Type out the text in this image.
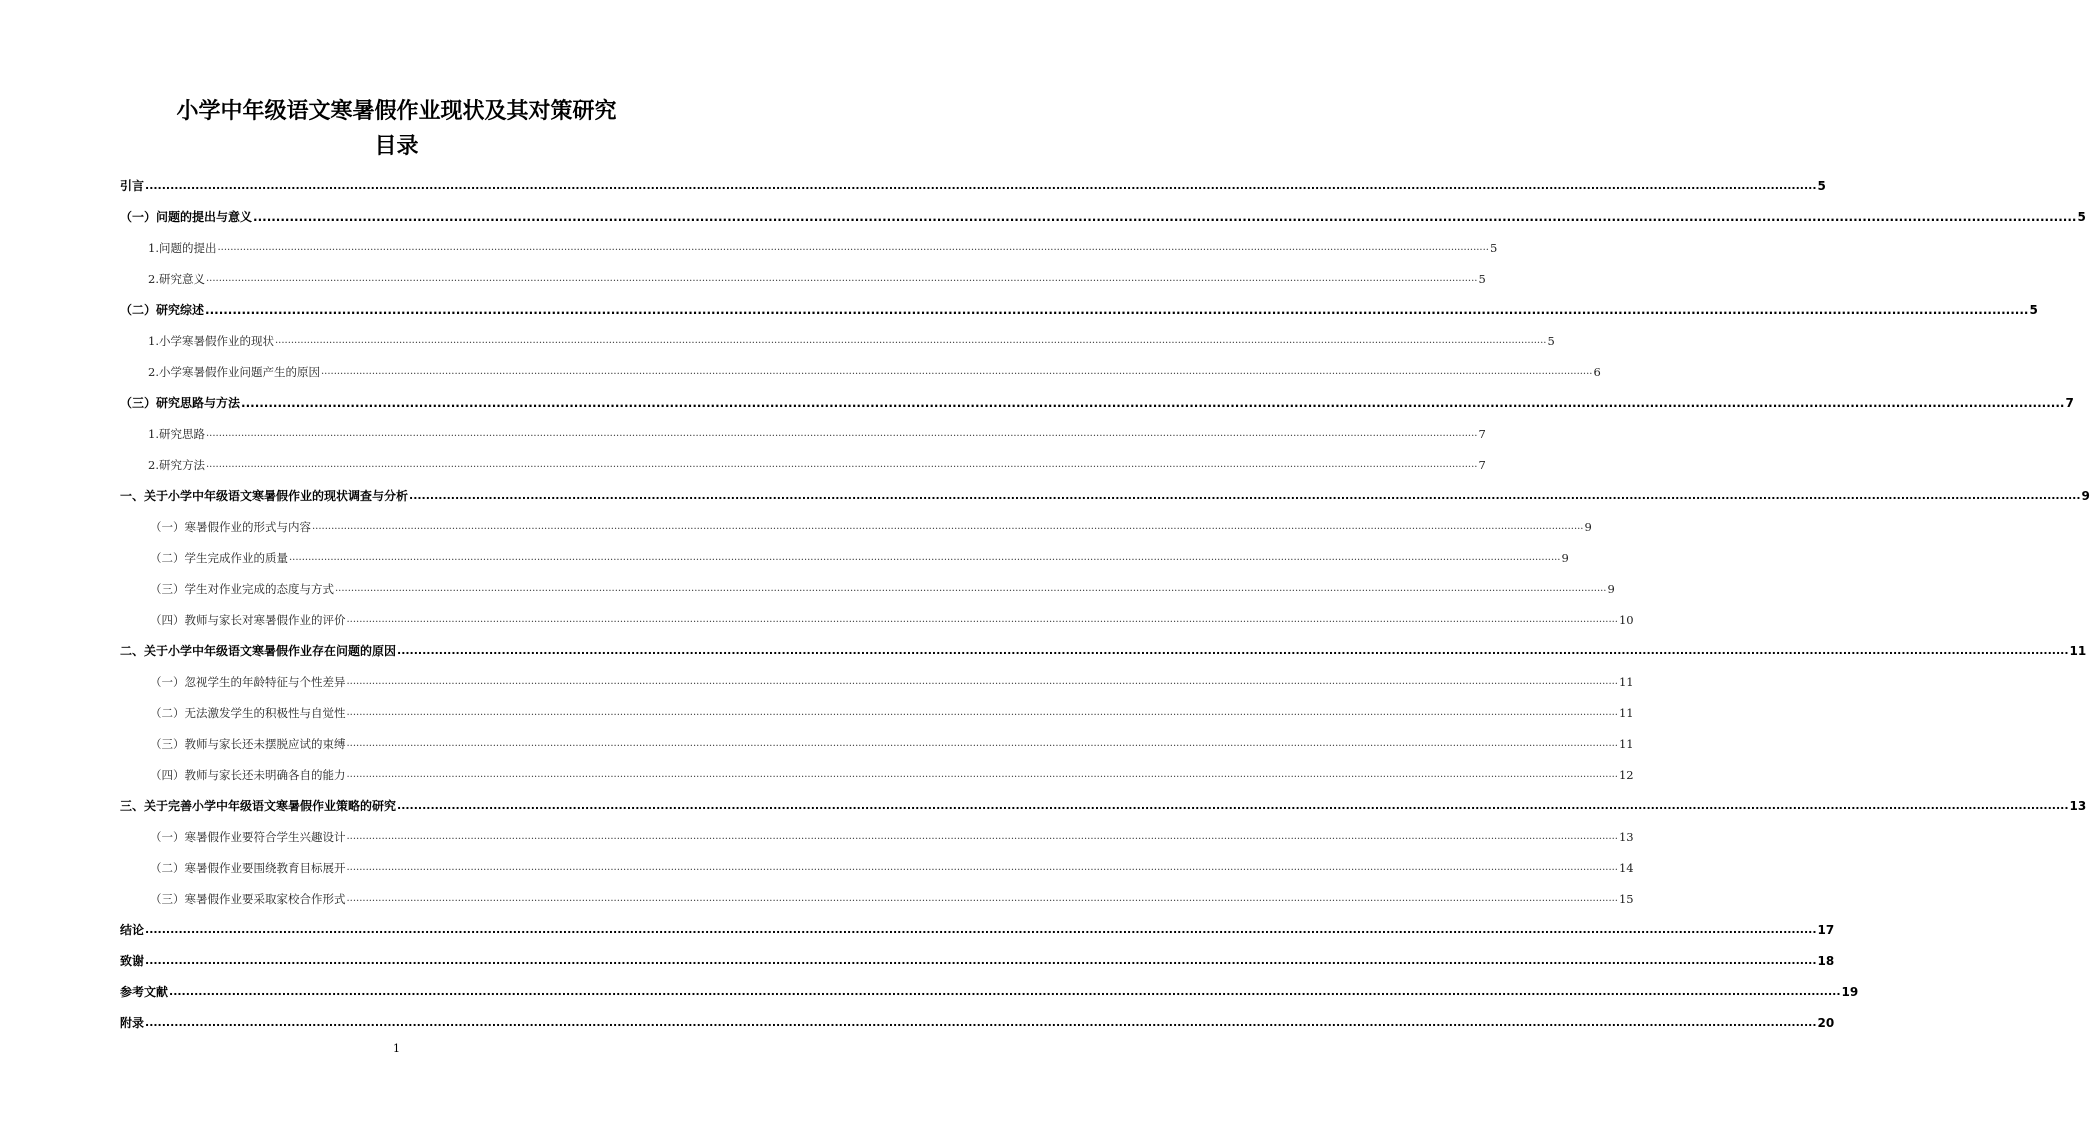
小学中年级语文寒暑假作业现状及其对策研究
目录
引言 ................................................................................................................................................................................................................................................................................................................................................................................................................ 5
（一）问题的提出与意义 ................................................................................................................................................................................................................................................................................................................................................................................................................ 5
1.问题的提出 ................................................................................................................................................................................................................................................................................................................................................................................................................ 5
2.研究意义 ................................................................................................................................................................................................................................................................................................................................................................................................................ 5
（二）研究综述 ................................................................................................................................................................................................................................................................................................................................................................................................................ 5
1.小学寒暑假作业的现状 ................................................................................................................................................................................................................................................................................................................................................................................................................ 5
2.小学寒暑假作业问题产生的原因 ................................................................................................................................................................................................................................................................................................................................................................................................................ 6
（三）研究思路与方法 ................................................................................................................................................................................................................................................................................................................................................................................................................ 7
1.研究思路 ................................................................................................................................................................................................................................................................................................................................................................................................................ 7
2.研究方法 ................................................................................................................................................................................................................................................................................................................................................................................................................ 7
一、关于小学中年级语文寒暑假作业的现状调查与分析 ................................................................................................................................................................................................................................................................................................................................................................................................................ 9
（一）寒暑假作业的形式与内容 ................................................................................................................................................................................................................................................................................................................................................................................................................ 9
（二）学生完成作业的质量 ................................................................................................................................................................................................................................................................................................................................................................................................................ 9
（三）学生对作业完成的态度与方式 ................................................................................................................................................................................................................................................................................................................................................................................................................ 9
（四）教师与家长对寒暑假作业的评价 ................................................................................................................................................................................................................................................................................................................................................................................................................ 10
二、关于小学中年级语文寒暑假作业存在问题的原因 ................................................................................................................................................................................................................................................................................................................................................................................................................ 11
（一）忽视学生的年龄特征与个性差异 ................................................................................................................................................................................................................................................................................................................................................................................................................ 11
（二）无法激发学生的积极性与自觉性 ................................................................................................................................................................................................................................................................................................................................................................................................................ 11
（三）教师与家长还未摆脱应试的束缚 ................................................................................................................................................................................................................................................................................................................................................................................................................ 11
（四）教师与家长还未明确各自的能力 ................................................................................................................................................................................................................................................................................................................................................................................................................ 12
三、关于完善小学中年级语文寒暑假作业策略的研究 ................................................................................................................................................................................................................................................................................................................................................................................................................ 13
（一）寒暑假作业要符合学生兴趣设计 ................................................................................................................................................................................................................................................................................................................................................................................................................ 13
（二）寒暑假作业要围绕教育目标展开 ................................................................................................................................................................................................................................................................................................................................................................................................................ 14
（三）寒暑假作业要采取家校合作形式 ................................................................................................................................................................................................................................................................................................................................................................................................................ 15
结论 ................................................................................................................................................................................................................................................................................................................................................................................................................ 17
致谢 ................................................................................................................................................................................................................................................................................................................................................................................................................ 18
参考文献 ................................................................................................................................................................................................................................................................................................................................................................................................................ 19
附录 ................................................................................................................................................................................................................................................................................................................................................................................................................ 20
1
